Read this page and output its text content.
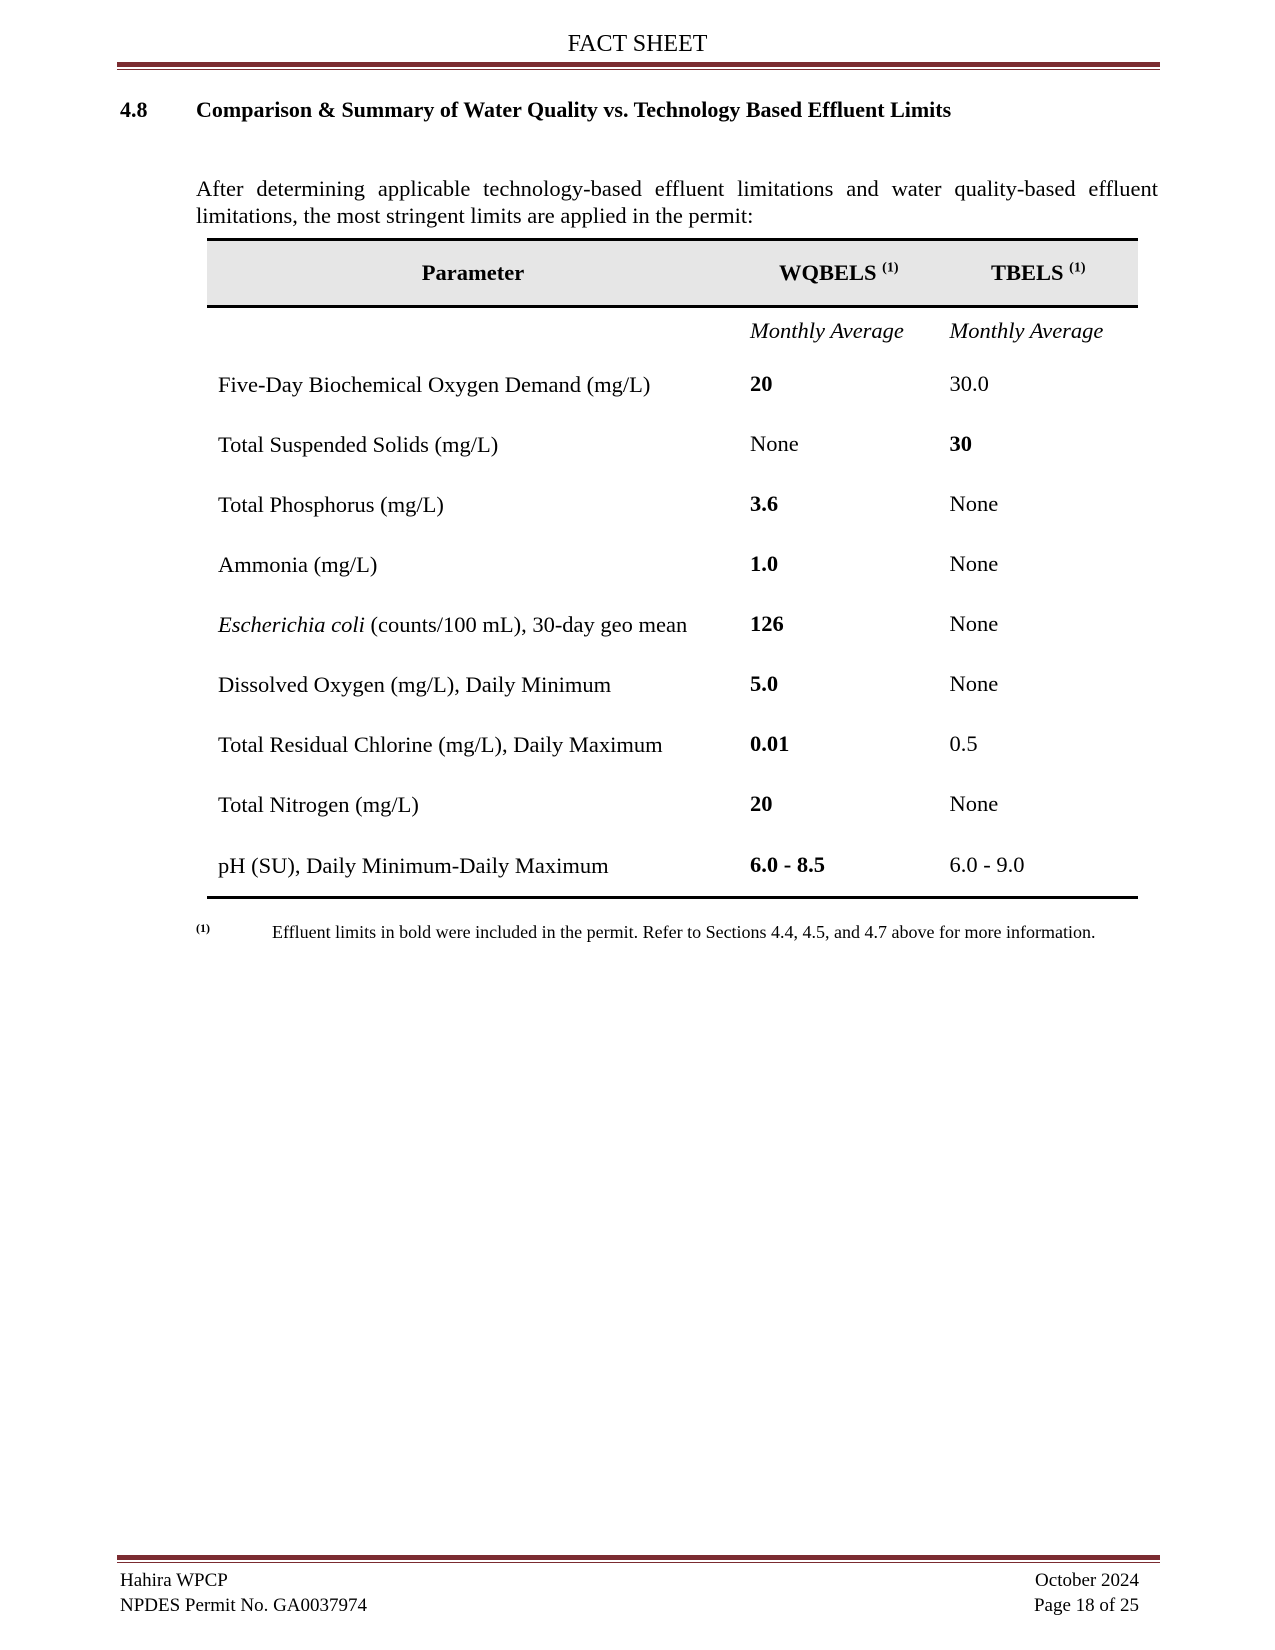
FACT SHEET
4.8 Comparison & Summary of Water Quality vs. Technology Based Effluent Limits

After determining applicable technology-based effluent limitations and water quality-based effluent limitations, the most stringent limits are applied in the permit:

Parameter	WQBELS $^{(1)}$	TBELS $^{(1)}$
	Monthly Average	Monthly Average
Five-Day Biochemical Oxygen Demand (mg/L)	20	30.0
Total Suspended Solids (mg/L)	None	30
Total Phosphorus (mg/L)	3.6	None
Ammonia (mg/L)	1.0	None
Escherichia coli (counts/100 mL), 30-day geo mean	126	None
Dissolved Oxygen (mg/L), Daily Minimum	5.0	None
Total Residual Chlorine (mg/L), Daily Maximum	0.01	0.5
Total Nitrogen (mg/L)	20	None
pH (SU), Daily Minimum-Daily Maximum	6.0 - 8.5	6.0 - 9.0
(1)	Effluent limits in bold were included in the permit. Refer to Sections 4.4, 4.5, and 4.7 above for more information.
Hahira WPCP
NPDES Permit No. GA0037974
October 2024
Page 18 of 25
